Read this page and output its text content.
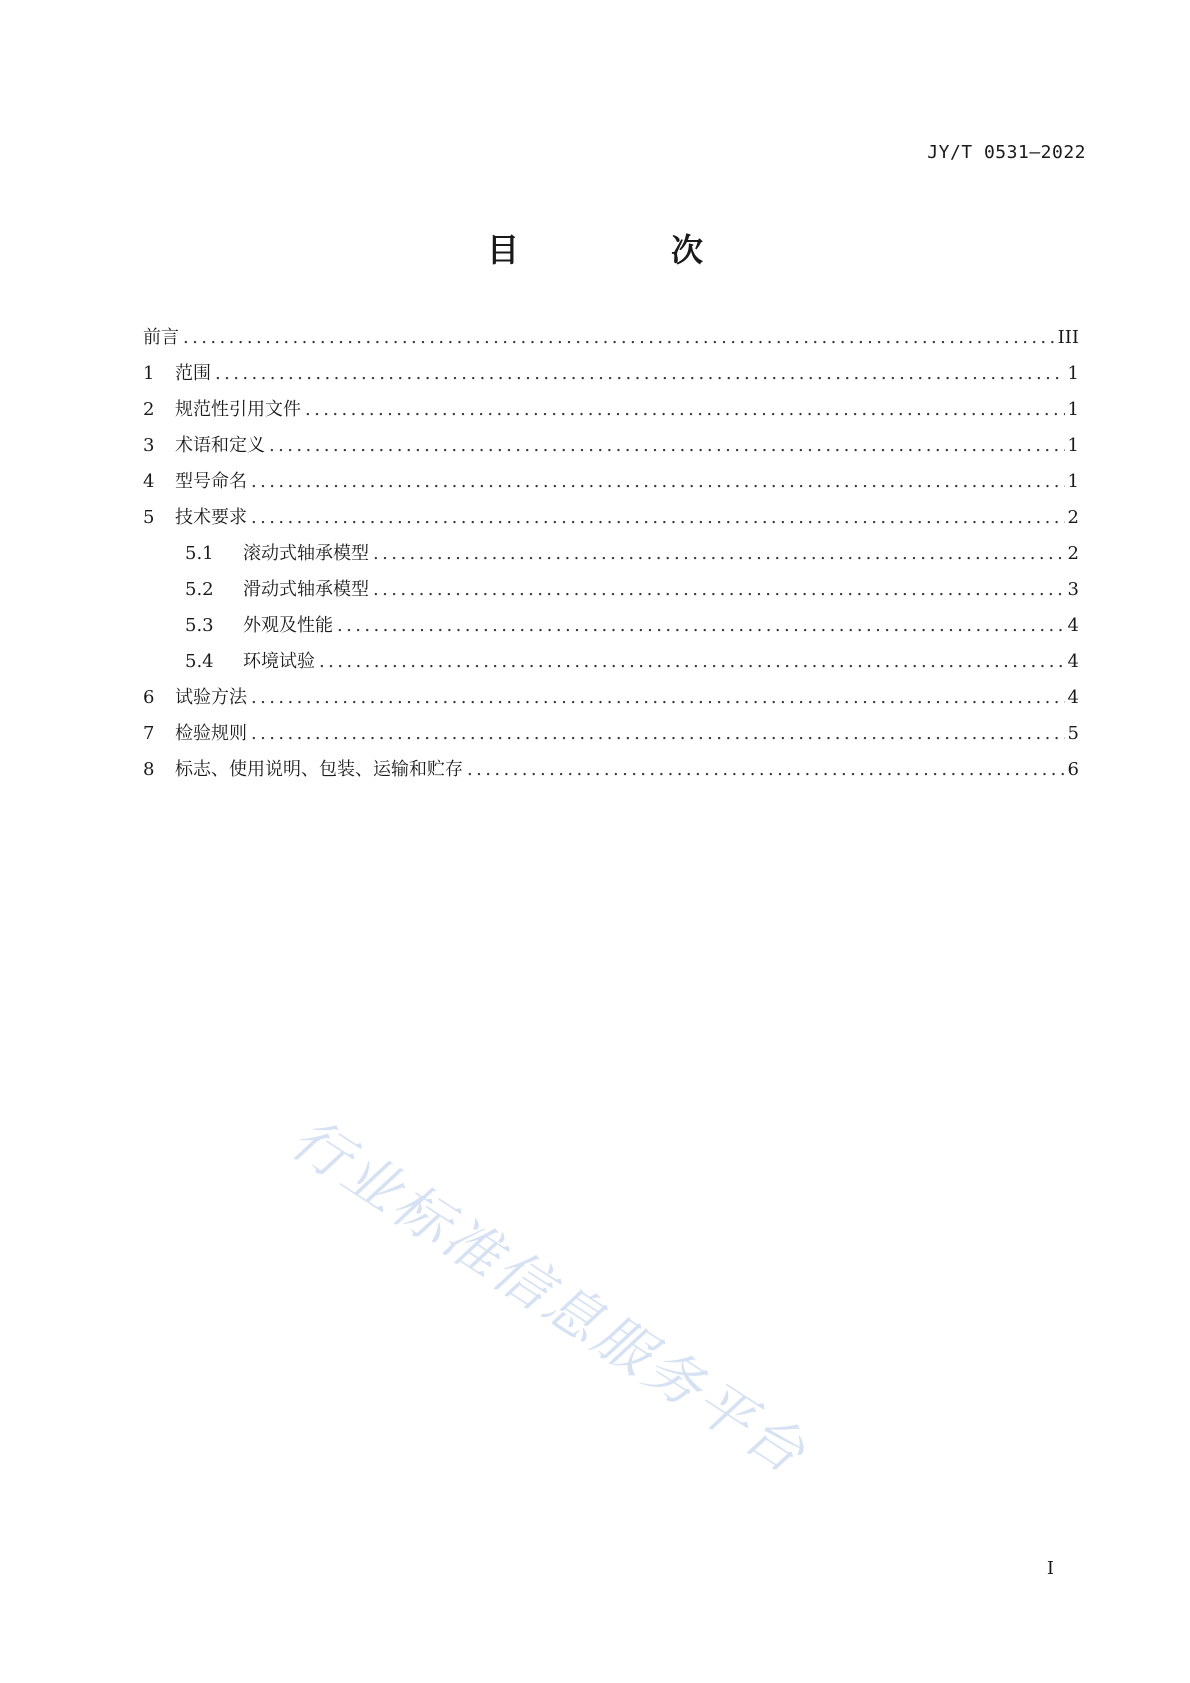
JY/T 0531—2022
目　次
前言 .....	III
1	范围 .....	1
2	规范性引用文件 .....	1
3	术语和定义 .....	1
4	型号命名 .....	1
5	技术要求 .....	2
5.1	滚动式轴承模型 .....	2
5.2	滑动式轴承模型 .....	3
5.3	外观及性能 .....	4
5.4	环境试验 .....	4
6	试验方法 .....	4
7	检验规则 .....	5
8	标志、使用说明、包装、运输和贮存 .....	6
行业标准信息服务平台
I
